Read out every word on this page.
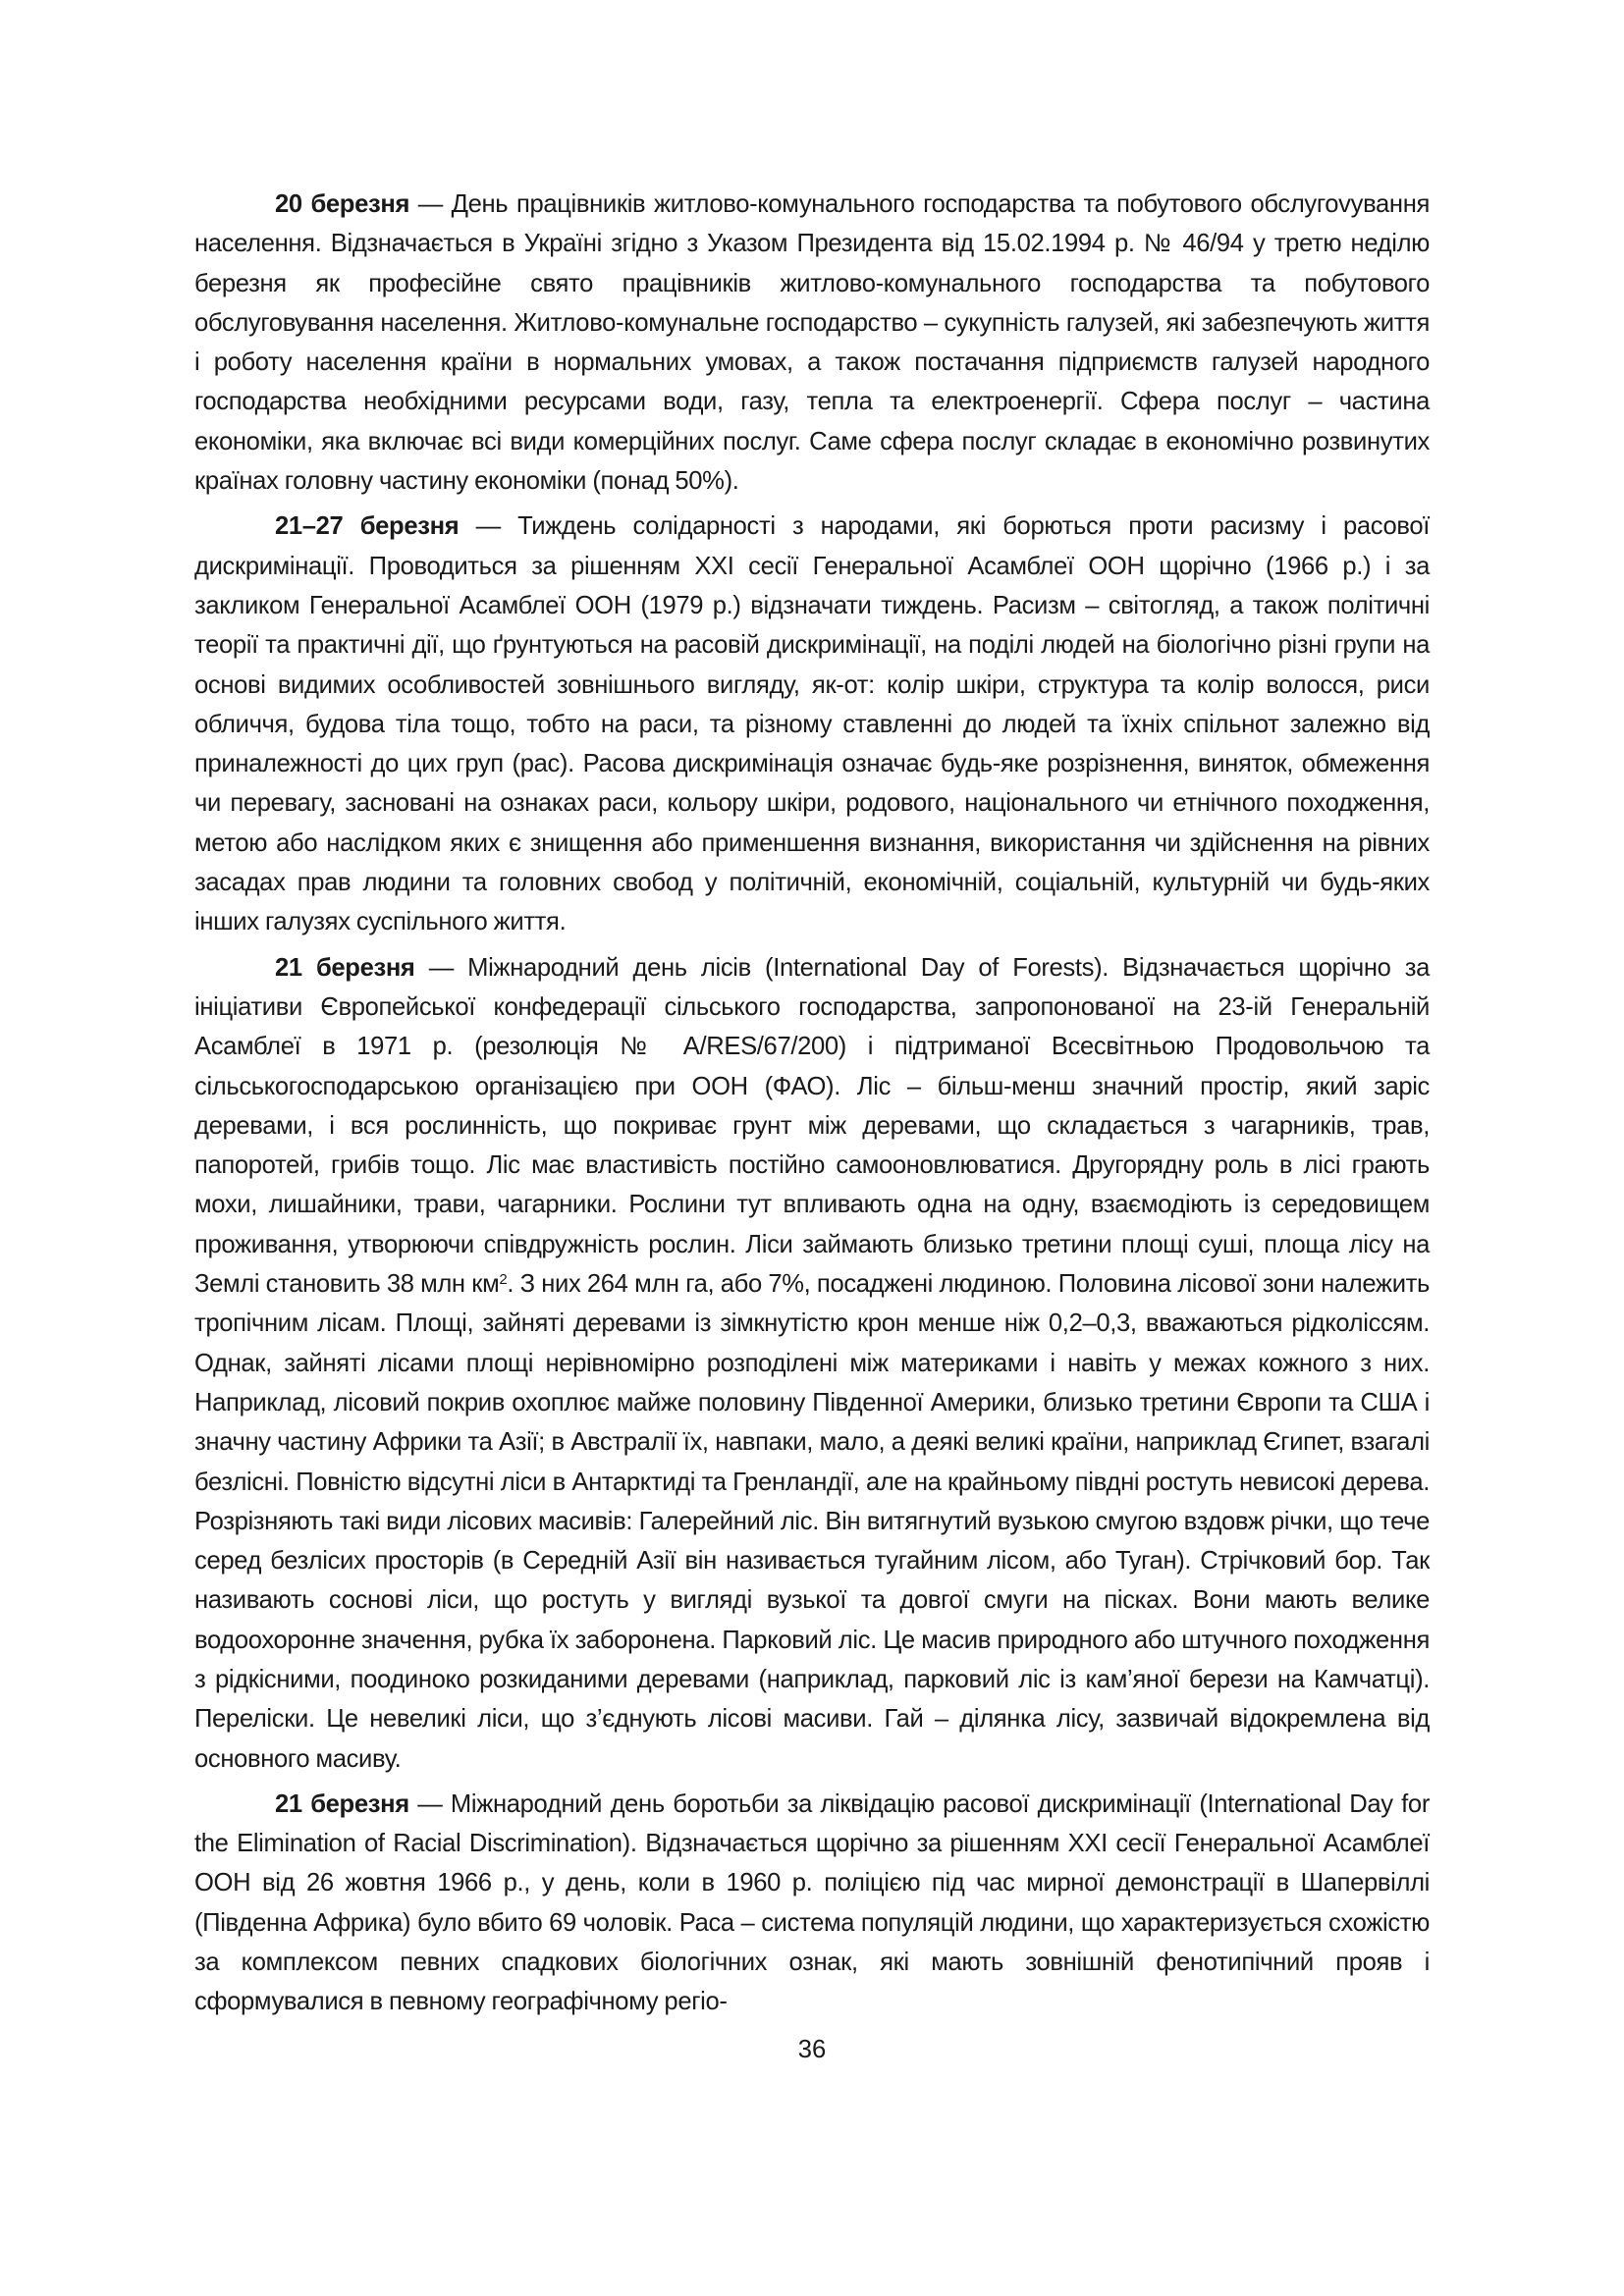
20 березня — День працівників житлово-комунального господарства та побутового обслугоvування населення. Відзначається в Україні згідно з Указом Президента від 15.02.1994 р. № 46/94 у третю неділю березня як професійне свято працівників житлово-комунального господарства та побутового обслуговування населення. Житлово-комунальне господарство – сукупність галузей, які забезпечують життя і роботу населення країни в нормальних умовах, а також постачання підприємств галузей народного господарства необхідними ресурсами води, газу, тепла та електроенергії. Сфера послуг – частина економіки, яка включає всі види комерційних послуг. Саме сфера послуг складає в економічно розвинутих країнах головну частину економіки (понад 50%).

21–27 березня — Тиждень солідарності з народами, які борються проти расизму і расової дискримінації. Проводиться за рішенням XXI сесії Генеральної Асамблеї ООН щорічно (1966 р.) і за закликом Генеральної Асамблеї ООН (1979 р.) відзначати тиждень. Расизм – світогляд, а також політичні теорії та практичні дії, що ґрунтуються на расовій дискримінації, на поділі людей на біологічно різні групи на основі видимих особливостей зовнішнього вигляду, як-от: колір шкіри, структура та колір волосся, риси обличчя, будова тіла тощо, тобто на раси, та різному ставленні до людей та їхніх спільнот залежно від приналежності до цих груп (рас). Расова дискримінація означає будь-яке розрізнення, виняток, обмеження чи перевагу, засновані на ознаках раси, кольору шкіри, родового, національного чи етнічного походження, метою або наслідком яких є знищення або применшення визнання, використання чи здійснення на рівних засадах прав людини та головних свобод у політичній, економічній, соціальній, культурній чи будь-яких інших галузях суспільного життя.

21 березня — Міжнародний день лісів (International Day of Forests). Відзначається щорічно за ініціативи Європейської конфедерації сільського господарства, запропонованої на 23-ій Генеральній Асамблеї в 1971 р. (резолюція № A/RES/67/200) і підтриманої Всесвітньою Продовольчою та сільськогосподарською організацією при ООН (ФАО). Ліс – більш-менш значний простір, який заріс деревами, і вся рослинність, що покриває грунт між деревами, що складається з чагарників, трав, папоротей, грибів тощо. Ліс має властивість постійно самооновлюватися. Другорядну роль в лісі грають мохи, лишайники, трави, чагарники. Рослини тут впливають одна на одну, взаємодіють із середовищем проживання, утворюючи співдружність рослин. Ліси займають близько третини площі суші, площа лісу на Землі становить 38 млн $км^2$. З них 264 млн га, або 7%, посаджені людиною. Половина лісової зони належить тропічним лісам. Площі, зайняті деревами із зімкнутістю крон менше ніж 0,2–0,3, вважаються рідколіссям. Однак, зайняті лісами площі нерівномірно розподілені між материками і навіть у межах кожного з них. Наприклад, лісовий покрив охоплює майже половину Південної Америки, близько третини Європи та США і значну частину Африки та Азії; в Австралії їх, навпаки, мало, а деякі великі країни, наприклад Єгипет, взaгалі безлісні. Повністю відсутні ліси в Антарктиді та Гренландії, але на крайньому півдні ростуть невисокі дерева. Розрізняють такі види лісових масивів: Галерейний ліс. Він витягнутий вузькою смугою вздовж річки, що тече серед безлісих просторів (в Середній Азії він називається тугайним лісом, або Туган). Стрічковий бор. Так називають соснові ліси, що ростуть у вигляді вузької та довгої смуги на пісках. Вони мають велике водоохоронне значення, рубка їх заборонена. Парковий ліс. Це масив природного або штучного походження з рідкісними, поодиноко розкиданими деревами (наприклад, парковий ліс із кам’яної берези на Камчатці). Перелiски. Це невеликі ліси, що з’єднують лісові масиви. Гай – ділянка лісу, зазвичай відокремлена від основного масиву.

21 березня — Міжнародний день боротьби за ліквідацію расової дискримінації (International Day for the Elimination of Racial Discrimination). Відзначається щорічно за рішенням XXI сесії Генеральної Асамблеї ООН від 26 жовтня 1966 р., у день, коли в 1960 р. поліцією під час мирної демонстрації в Шапервіллі (Південна Африка) було вбито 69 чоловік. Раса – система популяцій людини, що характеризується схожістю за комплексом певних спадкових біологічних ознак, які мають зовнішній фенотипічний прояв і сформувалися в певному географічному регіо-

36
